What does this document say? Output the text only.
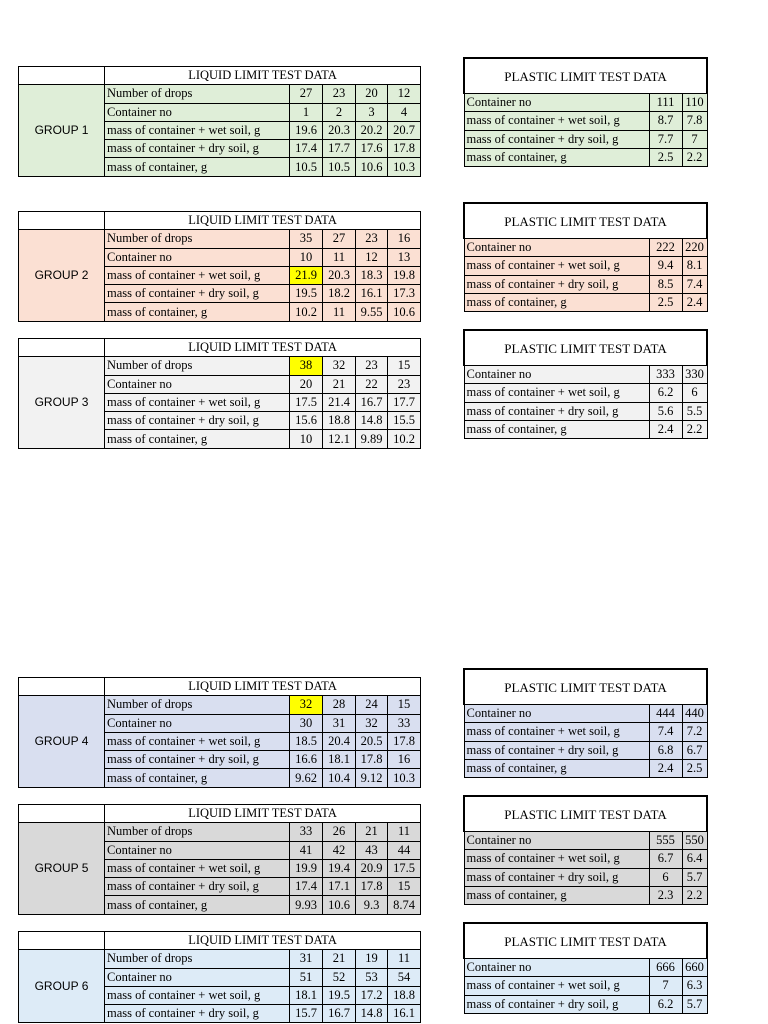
	LIQUID LIMIT TEST DATA				
GROUP 1	Number of drops	27	23	20	12
	Container no	1	2	3	4
	mass of container + wet soil, g	19.6	20.3	20.2	20.7
	mass of container + dry soil, g	17.4	17.7	17.6	17.8
	mass of container, g	10.5	10.5	10.6	10.3
PLASTIC LIMIT TEST DATA		
Container no	111	110
mass of container + wet soil, g	8.7	7.8
mass of container + dry soil, g	7.7	7
mass of container, g	2.5	2.2
	LIQUID LIMIT TEST DATA				
GROUP 2	Number of drops	35	27	23	16
	Container no	10	11	12	13
	mass of container + wet soil, g	21.9	20.3	18.3	19.8
	mass of container + dry soil, g	19.5	18.2	16.1	17.3
	mass of container, g	10.2	11	9.55	10.6
PLASTIC LIMIT TEST DATA		
Container no	222	220
mass of container + wet soil, g	9.4	8.1
mass of container + dry soil, g	8.5	7.4
mass of container, g	2.5	2.4
	LIQUID LIMIT TEST DATA				
GROUP 3	Number of drops	38	32	23	15
	Container no	20	21	22	23
	mass of container + wet soil, g	17.5	21.4	16.7	17.7
	mass of container + dry soil, g	15.6	18.8	14.8	15.5
	mass of container, g	10	12.1	9.89	10.2
PLASTIC LIMIT TEST DATA		
Container no	333	330
mass of container + wet soil, g	6.2	6
mass of container + dry soil, g	5.6	5.5
mass of container, g	2.4	2.2
	LIQUID LIMIT TEST DATA				
GROUP 4	Number of drops	32	28	24	15
	Container no	30	31	32	33
	mass of container + wet soil, g	18.5	20.4	20.5	17.8
	mass of container + dry soil, g	16.6	18.1	17.8	16
	mass of container, g	9.62	10.4	9.12	10.3
PLASTIC LIMIT TEST DATA		
Container no	444	440
mass of container + wet soil, g	7.4	7.2
mass of container + dry soil, g	6.8	6.7
mass of container, g	2.4	2.5
	LIQUID LIMIT TEST DATA				
GROUP 5	Number of drops	33	26	21	11
	Container no	41	42	43	44
	mass of container + wet soil, g	19.9	19.4	20.9	17.5
	mass of container + dry soil, g	17.4	17.1	17.8	15
	mass of container, g	9.93	10.6	9.3	8.74
PLASTIC LIMIT TEST DATA		
Container no	555	550
mass of container + wet soil, g	6.7	6.4
mass of container + dry soil, g	6	5.7
mass of container, g	2.3	2.2
	LIQUID LIMIT TEST DATA				
GROUP 6	Number of drops	31	21	19	11
	Container no	51	52	53	54
	mass of container + wet soil, g	18.1	19.5	17.2	18.8
	mass of container + dry soil, g	15.7	16.7	14.8	16.1
PLASTIC LIMIT TEST DATA		
Container no	666	660
mass of container + wet soil, g	7	6.3
mass of container + dry soil, g	6.2	5.7
